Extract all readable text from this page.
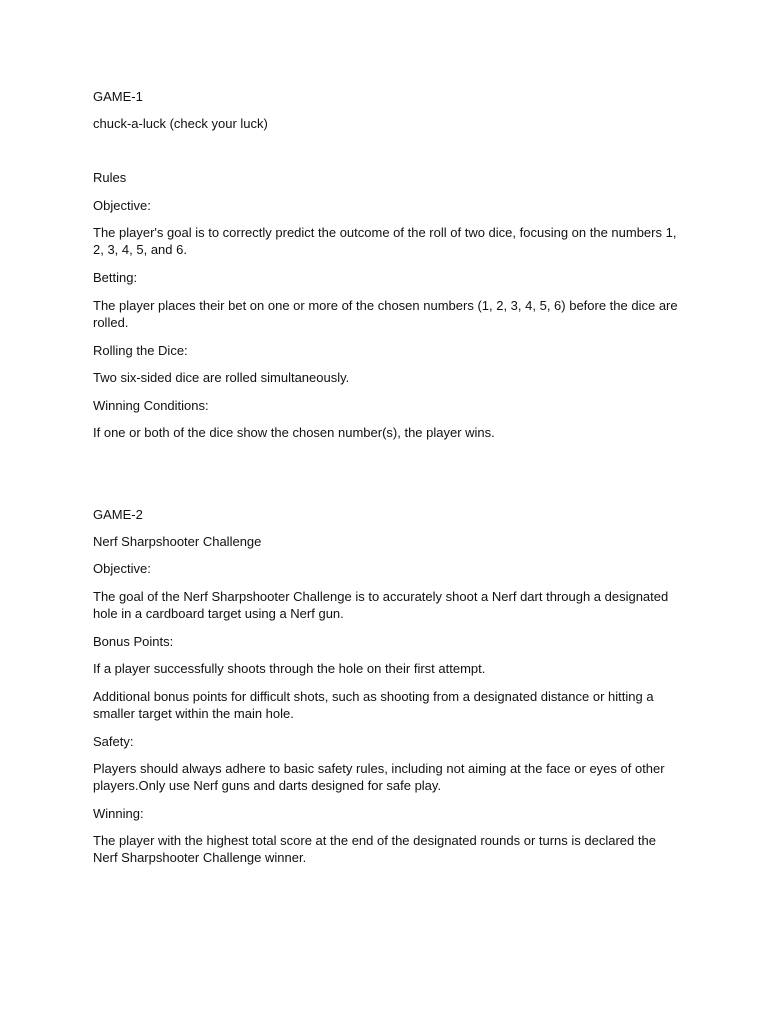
GAME-1
chuck-a-luck (check your luck)
Rules
Objective:
The player's goal is to correctly predict the outcome of the roll of two dice, focusing on the numbers 1, 2, 3, 4, 5, and 6.
Betting:
The player places their bet on one or more of the chosen numbers (1, 2, 3, 4, 5, 6) before the dice are rolled.
Rolling the Dice:
Two six-sided dice are rolled simultaneously.
Winning Conditions:
If one or both of the dice show the chosen number(s), the player wins.
GAME-2
Nerf Sharpshooter Challenge
Objective:
The goal of the Nerf Sharpshooter Challenge is to accurately shoot a Nerf dart through a designated hole in a cardboard target using a Nerf gun.
Bonus Points:
If a player successfully shoots through the hole on their first attempt.
Additional bonus points for difficult shots, such as shooting from a designated distance or hitting a smaller target within the main hole.
Safety:
Players should always adhere to basic safety rules, including not aiming at the face or eyes of other players.Only use Nerf guns and darts designed for safe play.
Winning:
The player with the highest total score at the end of the designated rounds or turns is declared the Nerf Sharpshooter Challenge winner.
